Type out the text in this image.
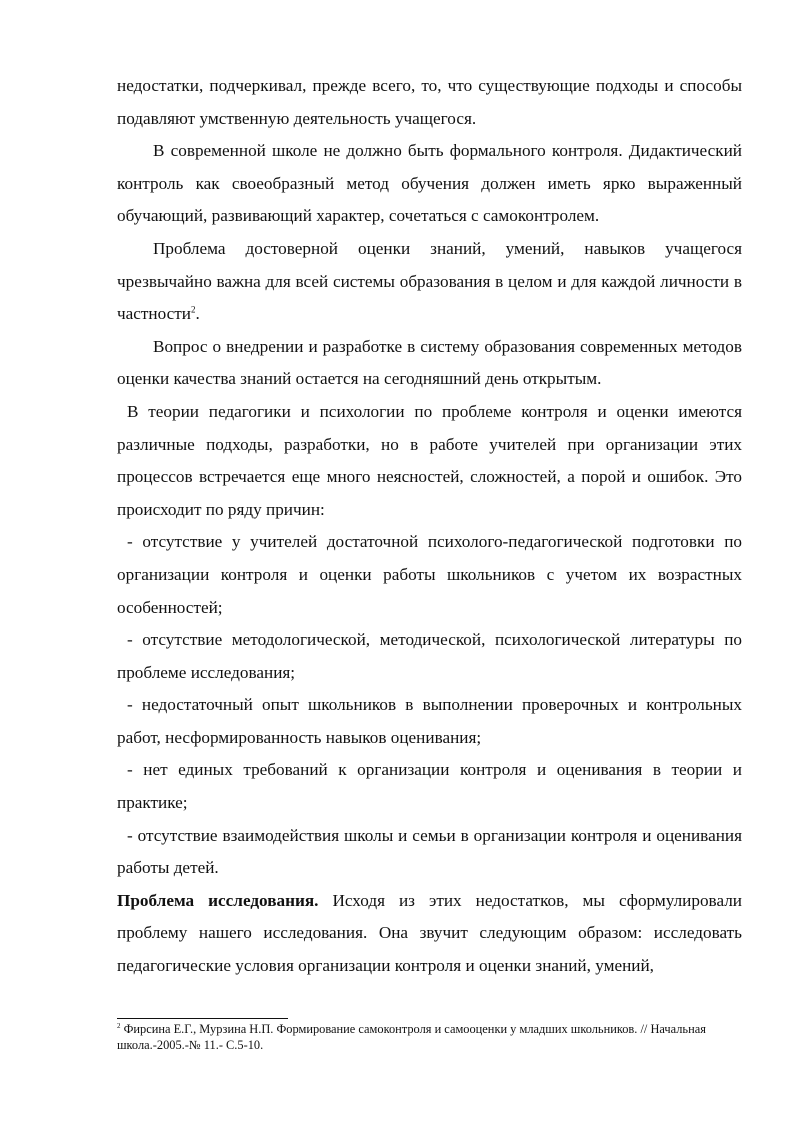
недостатки, подчеркивал, прежде всего, то, что существующие подходы и способы подавляют умственную деятельность учащегося.

В современной школе не должно быть формального контроля. Дидактический контроль как своеобразный метод обучения должен иметь ярко выраженный обучающий, развивающий характер, сочетаться с самоконтролем.

Проблема достоверной оценки знаний, умений, навыков учащегося чрезвычайно важна для всей системы образования в целом и для каждой личности в частности$^2$.

Вопрос о внедрении и разработке в систему образования современных методов оценки качества знаний остается на сегодняшний день открытым.

В теории педагогики и психологии по проблеме контроля и оценки имеются различные подходы, разработки, но в работе учителей при организации этих процессов встречается еще много неясностей, сложностей, а порой и ошибок. Это происходит по ряду причин:

- отсутствие у учителей достаточной психолого-педагогической подготовки по организации контроля и оценки работы школьников с учетом их возрастных особенностей;

- отсутствие методологической, методической, психологической литературы по проблеме исследования;

- недостаточный опыт школьников в выполнении проверочных и контрольных работ, несформированность навыков оценивания;

- нет единых требований к организации контроля и оценивания в теории и практике;

- отсутствие взаимодействия школы и семьи в организации контроля и оценивания работы детей.

Проблема исследования. Исходя из этих недостатков, мы сформулировали проблему нашего исследования. Она звучит следующим образом: исследовать педагогические условия организации контроля и оценки знаний, умений,

$^2$ Фирсина Е.Г., Мурзина Н.П. Формирование самоконтроля и самооценки у младших школьников. // Начальная школа.-2005.-№ 11.- С.5-10.
